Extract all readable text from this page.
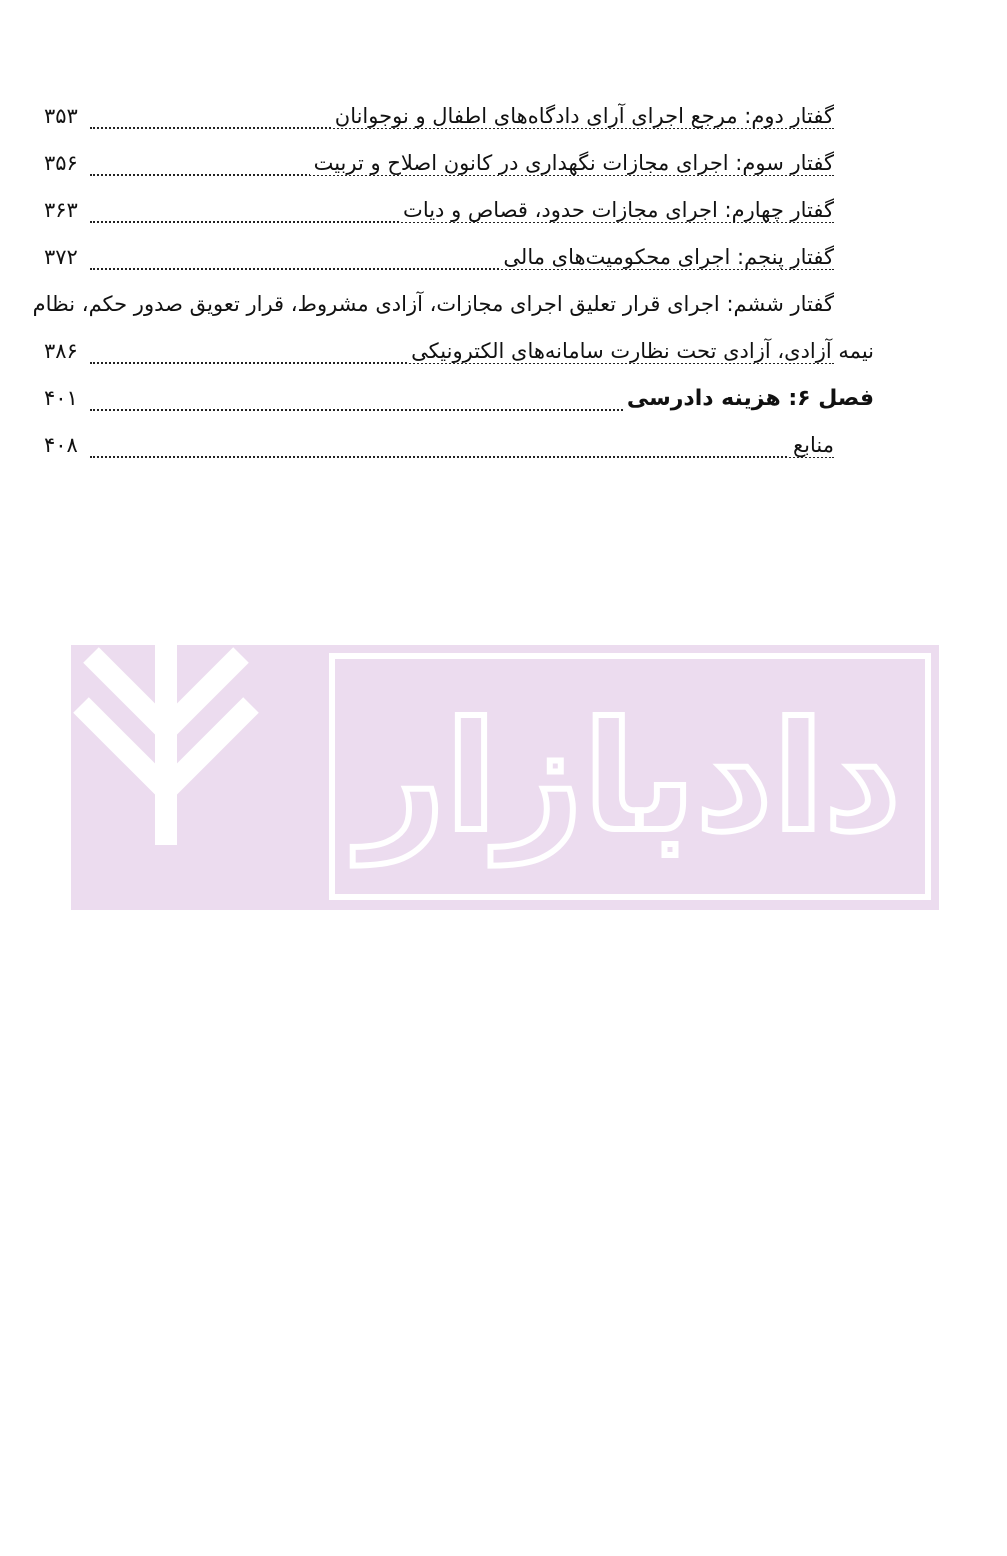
گفتار دوم: مرجع اجرای آرای دادگاه‌های اطفال و نوجوانان
۳۵۳
گفتار سوم: اجرای مجازات نگهداری در کانون اصلاح و تربیت
۳۵۶
گفتار چهارم: اجرای مجازات حدود، قصاص و دیات
۳۶۳
گفتار پنجم: اجرای محکومیت‌های مالی
۳۷۲
گفتار ششم: اجرای قرار تعلیق اجرای مجازات، آزادی مشروط، قرار تعویق صدور حکم، نظام
نیمه آزادی، آزادی تحت نظارت سامانه‌های الکترونیکی
۳۸۶
فصل ۶: هزینه دادرسی
۴۰۱
منابع
۴۰۸
دادبازار
